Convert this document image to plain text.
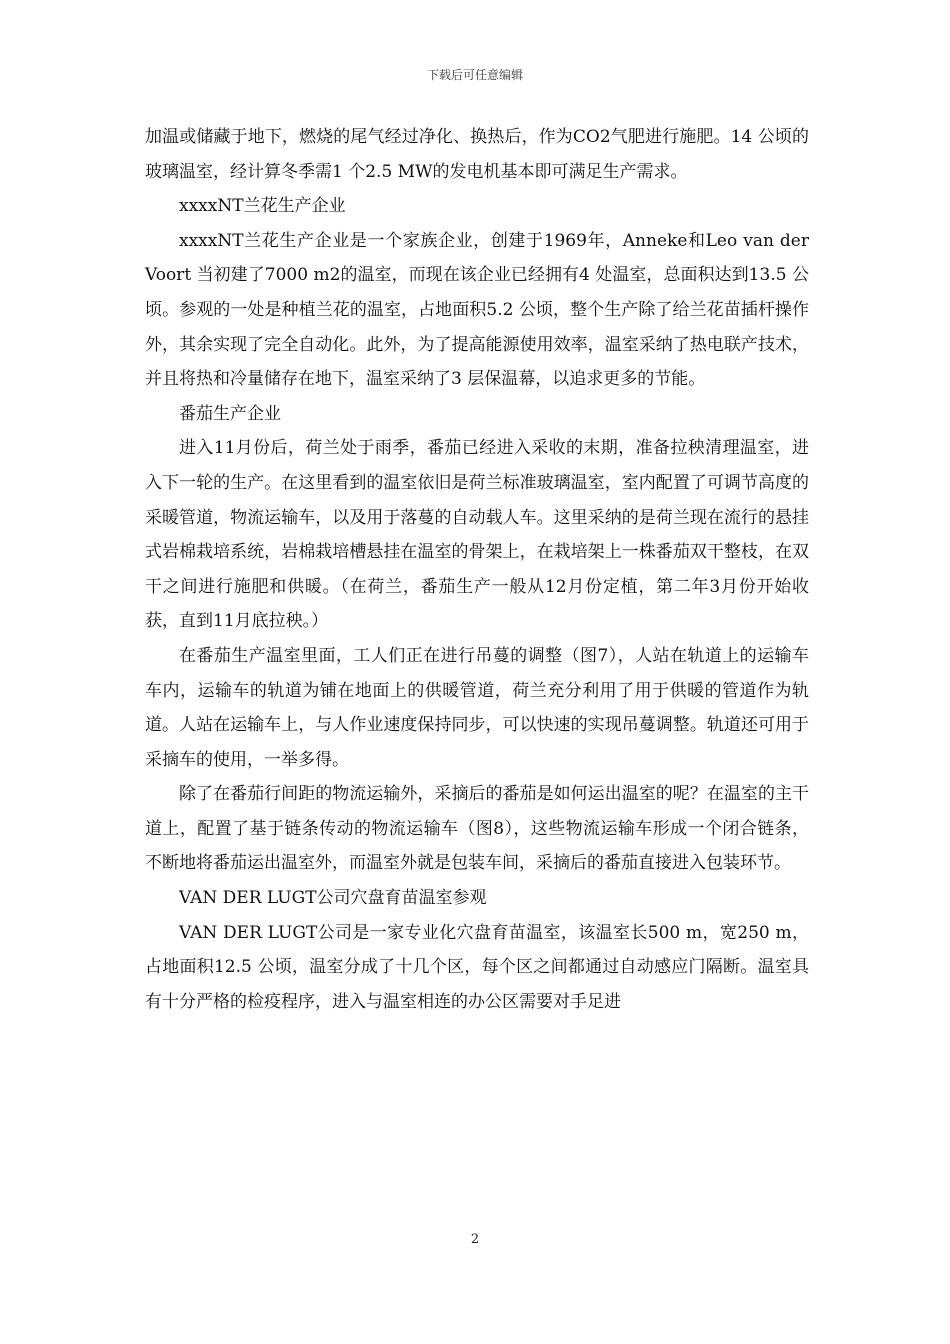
下载后可任意编辑

加温或储藏于地下，燃烧的尾气经过净化、换热后，作为CO2气肥进行施肥。14 公顷的玻璃温室，经计算冬季需1 个2.5 MW的发电机基本即可满足生产需求。

xxxxNT兰花生产企业

xxxxNT兰花生产企业是一个家族企业，创建于1969年，Anneke和Leo van der Voort 当初建了7000 m2的温室，而现在该企业已经拥有4 处温室，总面积达到13.5 公顷。参观的一处是种植兰花的温室，占地面积5.2 公顷，整个生产除了给兰花苗插杆操作外，其余实现了完全自动化。此外，为了提高能源使用效率，温室采纳了热电联产技术，并且将热和冷量储存在地下，温室采纳了3 层保温幕，以追求更多的节能。

番茄生产企业

进入11月份后，荷兰处于雨季，番茄已经进入采收的末期，准备拉秧清理温室，进入下一轮的生产。在这里看到的温室依旧是荷兰标准玻璃温室，室内配置了可调节高度的采暖管道，物流运输车，以及用于落蔓的自动载人车。这里采纳的是荷兰现在流行的悬挂式岩棉栽培系统，岩棉栽培槽悬挂在温室的骨架上，在栽培架上一株番茄双干整枝，在双干之间进行施肥和供暖。（在荷兰，番茄生产一般从12月份定植，第二年3月份开始收获，直到11月底拉秧。）

在番茄生产温室里面，工人们正在进行吊蔓的调整（图7），人站在轨道上的运输车车内，运输车的轨道为铺在地面上的供暖管道，荷兰充分利用了用于供暖的管道作为轨道。人站在运输车上，与人作业速度保持同步，可以快速的实现吊蔓调整。轨道还可用于采摘车的使用，一举多得。

除了在番茄行间距的物流运输外，采摘后的番茄是如何运出温室的呢？在温室的主干道上，配置了基于链条传动的物流运输车（图8），这些物流运输车形成一个闭合链条，不断地将番茄运出温室外，而温室外就是包装车间，采摘后的番茄直接进入包装环节。

VAN DER LUGT公司穴盘育苗温室参观

VAN DER LUGT公司是一家专业化穴盘育苗温室，该温室长500 m，宽250 m，占地面积12.5 公顷，温室分成了十几个区，每个区之间都通过自动感应门隔断。温室具有十分严格的检疫程序，进入与温室相连的办公区需要对手足进

2
